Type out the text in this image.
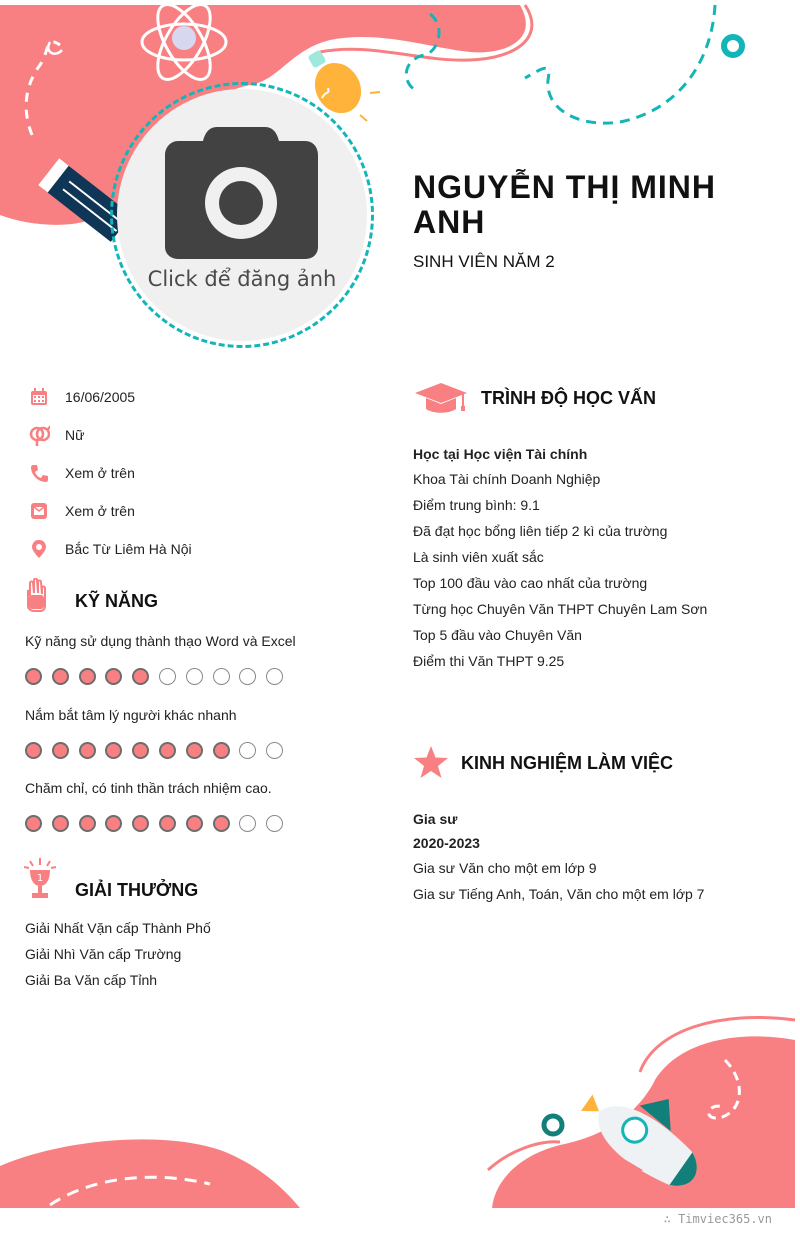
Click để đăng ảnh
NGUYỄN THỊ MINH ANH
SINH VIÊN NĂM 2
16/06/2005
Nữ
Xem ở trên
Xem ở trên
Bắc Từ Liêm Hà Nội
KỸ NĂNG
Kỹ năng sử dụng thành thạo Word và Excel
Nắm bắt tâm lý người khác nhanh
Chăm chỉ, có tinh thần trách nhiệm cao.
1
GIẢI THƯỞNG
Giải Nhất Vặn cấp Thành Phố
Giải Nhì Văn cấp Trường
Giải Ba Văn cấp Tỉnh
TRÌNH ĐỘ HỌC VẤN
Học tại Học viện Tài chính
Khoa Tài chính Doanh Nghiệp
Điểm trung bình: 9.1
Đã đạt học bổng liên tiếp 2 kì của trường
Là sinh viên xuất sắc
Top 100 đầu vào cao nhất của trường
Từng học Chuyên Văn THPT Chuyên Lam Sơn
Top 5 đầu vào Chuyên Văn
Điểm thi Văn THPT 9.25
KINH NGHIỆM LÀM VIỆC
Gia sư
2020-2023
Gia sư Văn cho một em lớp 9
Gia sư Tiếng Anh, Toán, Văn cho một em lớp 7
∴ Timviec365.vn
